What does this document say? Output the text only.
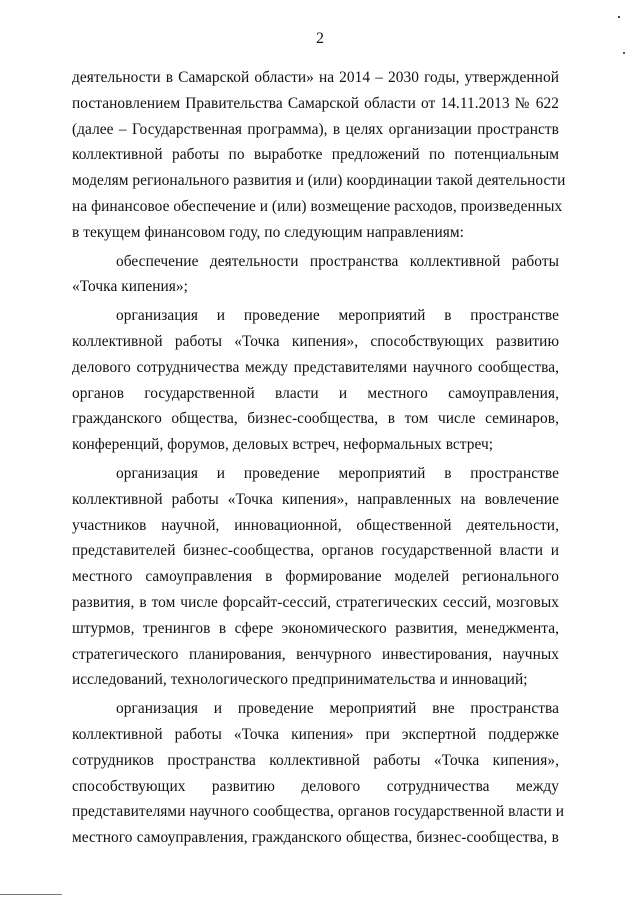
2
деятельности в Самарской области» на 2014 – 2030 годы, утвержденной
постановлением Правительства Самарской области от 14.11.2013 № 622
(далее – Государственная программа), в целях организации пространств
коллективной работы по выработке предложений по потенциальным
моделям регионального развития и (или) координации такой деятельности
на финансовое обеспечение и (или) возмещение расходов, произведенных
в текущем финансовом году, по следующим направлениям:
обеспечение деятельности пространства коллективной работы
«Точка кипения»;
организация и проведение мероприятий в пространстве
коллективной работы «Точка кипения», способствующих развитию
делового сотрудничества между представителями научного сообщества,
органов государственной власти и местного самоуправления,
гражданского общества, бизнес-сообщества, в том числе семинаров,
конференций, форумов, деловых встреч, неформальных встреч;
организация и проведение мероприятий в пространстве
коллективной работы «Точка кипения», направленных на вовлечение
участников научной, инновационной, общественной деятельности,
представителей бизнес-сообщества, органов государственной власти и
местного самоуправления в формирование моделей регионального
развития, в том числе форсайт-сессий, стратегических сессий, мозговых
штурмов, тренингов в сфере экономического развития, менеджмента,
стратегического планирования, венчурного инвестирования, научных
исследований, технологического предпринимательства и инноваций;
организация и проведение мероприятий вне пространства
коллективной работы «Точка кипения» при экспертной поддержке
сотрудников пространства коллективной работы «Точка кипения»,
способствующих развитию делового сотрудничества между
представителями научного сообщества, органов государственной власти и
местного самоуправления, гражданского общества, бизнес-сообщества, в
